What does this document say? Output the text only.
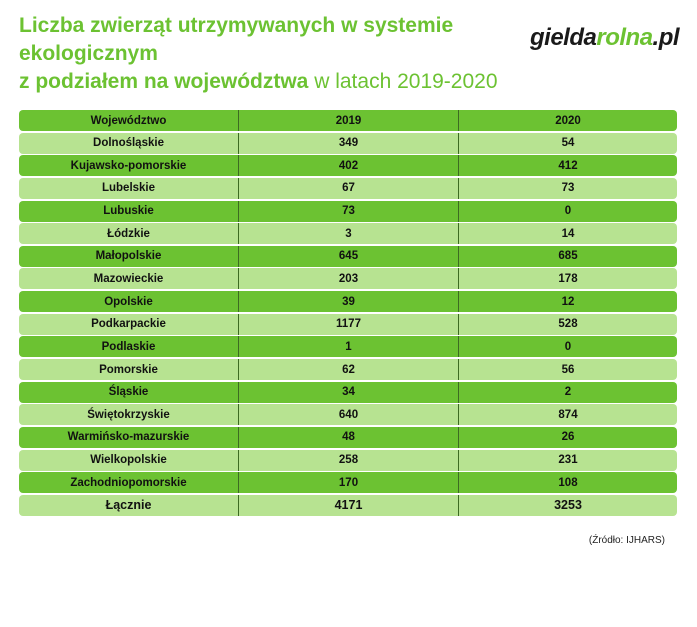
Liczba zwierząt utrzymywanych w systemie ekologicznym
z podziałem na województwa w latach 2019-2020
gieldarolna.pl
Województwo	2019	2020
Dolnośląskie	349	54
Kujawsko-pomorskie	402	412
Lubelskie	67	73
Lubuskie	73	0
Łódzkie	3	14
Małopolskie	645	685
Mazowieckie	203	178
Opolskie	39	12
Podkarpackie	1177	528
Podlaskie	1	0
Pomorskie	62	56
Śląskie	34	2
Świętokrzyskie	640	874
Warmińsko-mazurskie	48	26
Wielkopolskie	258	231
Zachodniopomorskie	170	108
Łącznie	4171	3253
(Źródło: IJHARS)
